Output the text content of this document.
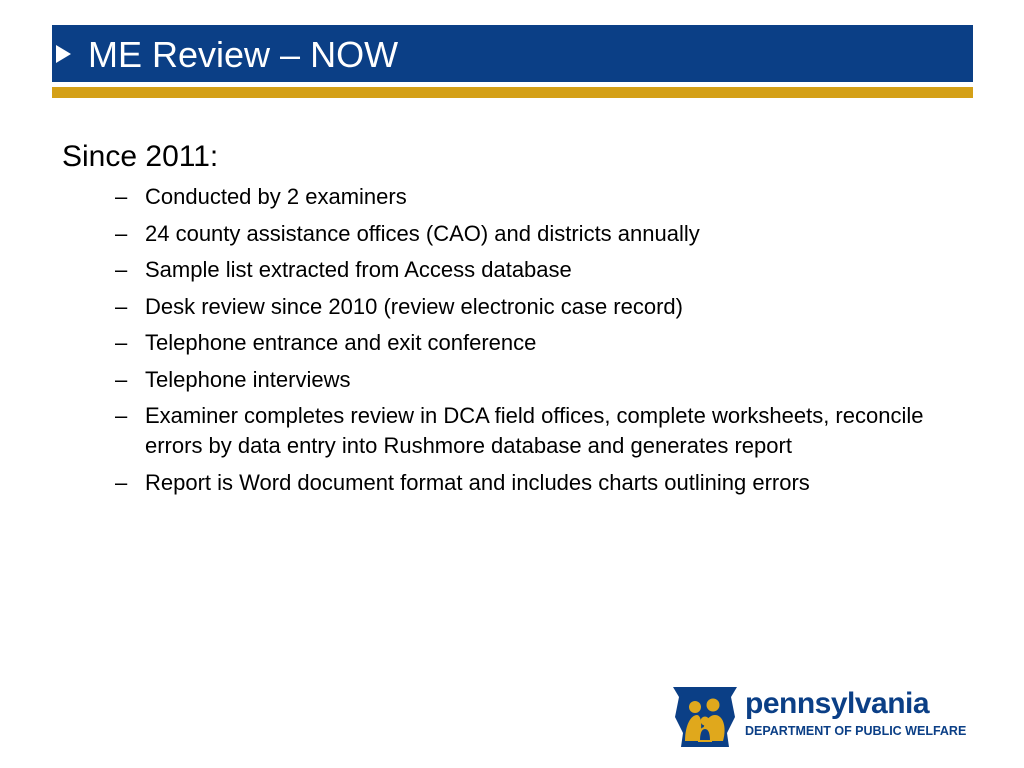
ME Review – NOW
Since 2011:
– Conducted by 2 examiners
– 24 county assistance offices (CAO) and districts annually
– Sample list extracted from Access database
– Desk review since 2010 (review electronic case record)
– Telephone entrance and exit conference
– Telephone interviews
– Examiner completes review in DCA field offices, complete worksheets, reconcile errors by data entry into Rushmore database and generates report
– Report is Word document format and includes charts outlining errors
pennsylvania
DEPARTMENT OF PUBLIC WELFARE
